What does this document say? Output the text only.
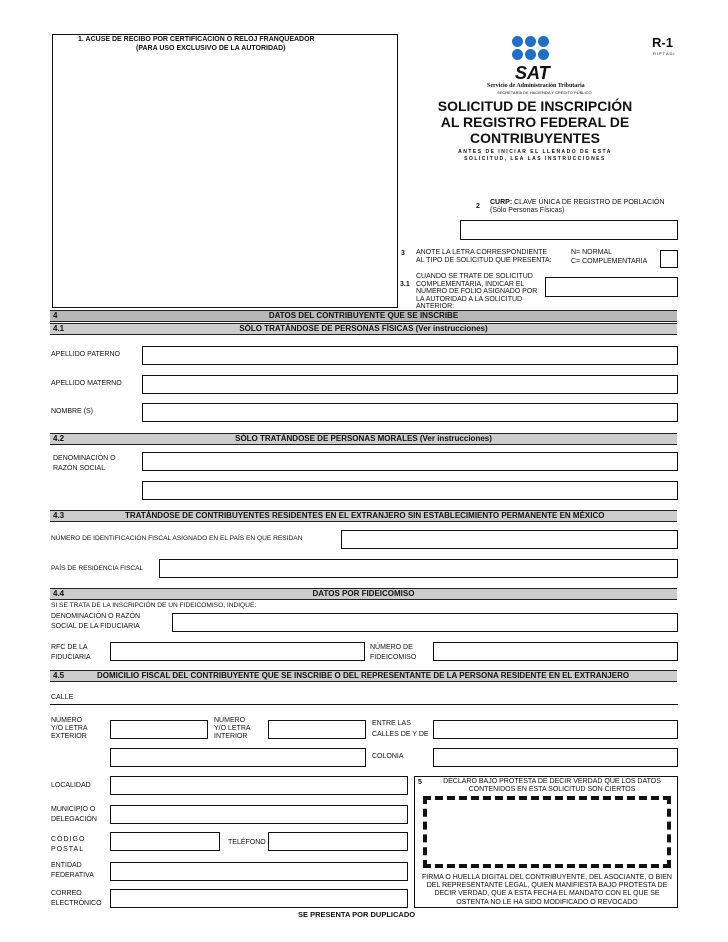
1. ACUSE DE RECIBO POR CERTIFICACIÓN O RELOJ FRANQUEADOR
(PARA USO EXCLUSIVO DE LA AUTORIDAD)	R-1
RIPTADI
SAT
Servicio de Administración Tributaria
SECRETARÍA DE HACIENDA Y CRÉDITO PÚBLICO
SOLICITUD DE INSCRIPCIÓN
AL REGISTRO FEDERAL DE
CONTRIBUYENTES
ANTES DE INICIAR EL LLENADO DE ESTA
SOLICITUD, LEA LAS INSTRUCCIONES
2
CURP: CLAVE ÚNICA DE REGISTRO DE POBLACIÓN
(Sólo Personas Físicas)
3 ANOTE LA LETRA CORRESPONDIENTE
AL TIPO DE SOLICITUD QUE PRESENTA:
N= NORMAL
C= COMPLEMENTARIA
3.1
CUANDO SE TRATE DE SOLICITUD
COMPLEMENTARIA, INDICAR EL
NÚMERO DE FOLIO ASIGNADO POR
LA AUTORIDAD A LA SOLICITUD
ANTERIOR:
4	DATOS DEL CONTRIBUYENTE QUE SE INSCRIBE
4.1	SÓLO TRATÁNDOSE DE PERSONAS FÍSICAS (Ver instrucciones)
APELLIDO PATERNO
APELLIDO MATERNO
NOMBRE (S)
4.2	SÓLO TRATÁNDOSE DE PERSONAS MORALES (Ver instrucciones)
DENOMINACIÓN O
RAZÓN SOCIAL
4.3	TRATÁNDOSE DE CONTRIBUYENTES RESIDENTES EN EL EXTRANJERO SIN ESTABLECIMIENTO PERMANENTE EN MÉXICO
NÚMERO DE IDENTIFICACIÓN FISCAL ASIGNADO EN EL PAÍS EN QUE RESIDAN
PAÍS DE RESIDENCIA FISCAL
4.4	DATOS POR FIDEICOMISO
SI SE TRATA DE LA INSCRIPCIÓN DE UN FIDEICOMISO, INDIQUE:
DENOMINACIÓN O RAZÓN
SOCIAL DE LA FIDUCIARIA
RFC DE LA
FIDUCIARIA
NÚMERO DE
FIDEICOMISO
4.5	DOMICILIO FISCAL DEL CONTRIBUYENTE QUE SE INSCRIBE O DEL REPRESENTANTE DE LA PERSONA RESIDENTE EN EL EXTRANJERO
CALLE
NÚMERO
Y/O LETRA
EXTERIOR
NÚMERO
Y/O LETRA
INTERIOR
ENTRE LAS
CALLES DE Y DE
COLONIA
LOCALIDAD
MUNICIPIO O
DELEGACIÓN
CÓDIGO
POSTAL
TELÉFONO
ENTIDAD
FEDERATIVA
CORREO
ELECTRÓNICO
5	DECLARO BAJO PROTESTA DE DECIR VERDAD QUE LOS DATOS
CONTENIDOS EN ESTA SOLICITUD SON CIERTOS
FIRMA O HUELLA DIGITAL DEL CONTRIBUYENTE, DEL ASOCIANTE, O BIEN
DEL REPRESENTANTE LEGAL, QUIEN MANIFIESTA BAJO PROTESTA DE
DECIR VERDAD, QUE A ESTA FECHA EL MANDATO CON EL QUE SE
OSTENTA NO LE HA SIDO MODIFICADO O REVOCADO
SE PRESENTA POR DUPLICADO
